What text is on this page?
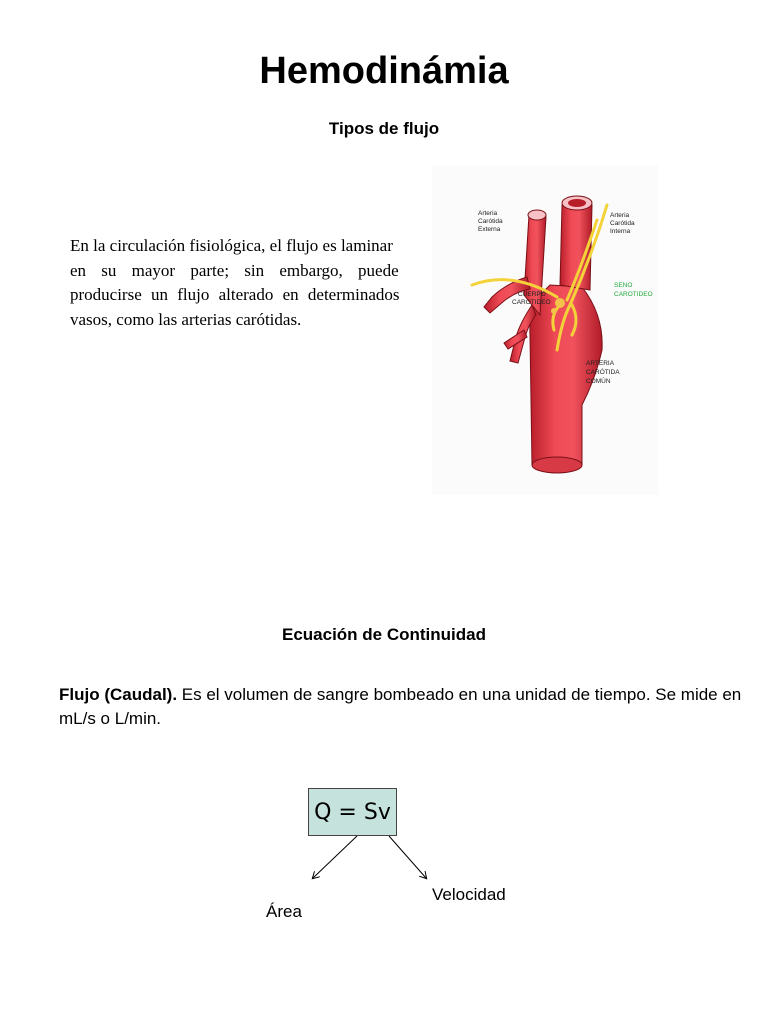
Hemodinámia
Tipos de flujo
En la circulación fisiológica, el flujo es laminar
en su mayor parte; sin embargo, puede
producirse un flujo alterado en determinados
vasos, como las arterias carótidas.
Arteria
Carótida
Externa
Arteria
Carótida
Interna
SENO
CAROTIDEO
CUERPO
CAROTIDEO
ARTERIA
CARÓTIDA
COMÚN
Ecuación de Continuidad
Flujo (Caudal). Es el volumen de sangre bombeado en una unidad de tiempo. Se mide en mL/s o L/min.
Q = Sv
Área
Velocidad
